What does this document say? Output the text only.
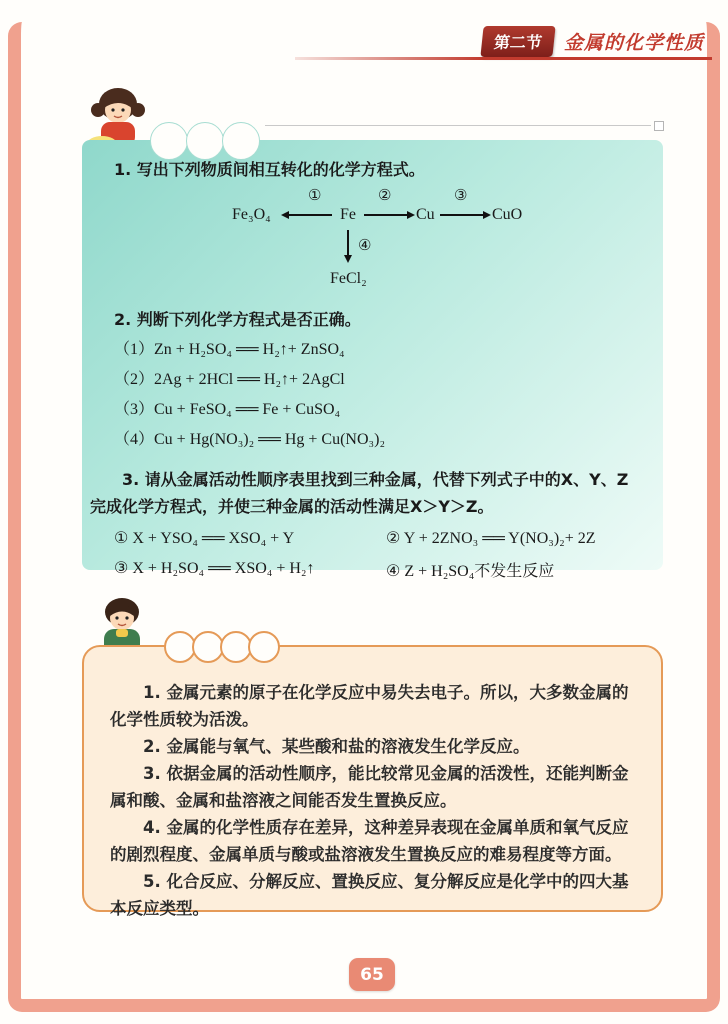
第二节	金属的化学性质

1. 写出下列物质间相互转化的化学方程式。

Fe₃O₄
①
Fe
②
Cu
③
CuO
④
FeCl₂

2. 判断下列化学方程式是否正确。

（1）Zn + H₂SO₄ ══ H₂↑+ ZnSO₄

（2）2Ag + 2HCl ══ H₂↑+ 2AgCl

（3）Cu + FeSO₄ ══ Fe + CuSO₄

（4）Cu + Hg(NO₃)₂ ══ Hg + Cu(NO₃)₂

3. 请从金属活动性顺序表里找到三种金属，代替下列式子中的X、Y、Z完成化学方程式，并使三种金属的活动性满足X＞Y＞Z。

① X + YSO₄ ══ XSO₄ + Y	② Y + 2ZNO₃ ══ Y(NO₃)₂+ 2Z

③ X + H₂SO₄ ══ XSO₄ + H₂↑	④ Z + H₂SO₄不发生反应

1. 金属元素的原子在化学反应中易失去电子。所以，大多数金属的化学性质较为活泼。

2. 金属能与氧气、某些酸和盐的溶液发生化学反应。

3. 依据金属的活动性顺序，能比较常见金属的活泼性，还能判断金属和酸、金属和盐溶液之间能否发生置换反应。

4. 金属的化学性质存在差异，这种差异表现在金属单质和氧气反应的剧烈程度、金属单质与酸或盐溶液发生置换反应的难易程度等方面。

5. 化合反应、分解反应、置换反应、复分解反应是化学中的四大基本反应类型。

65
